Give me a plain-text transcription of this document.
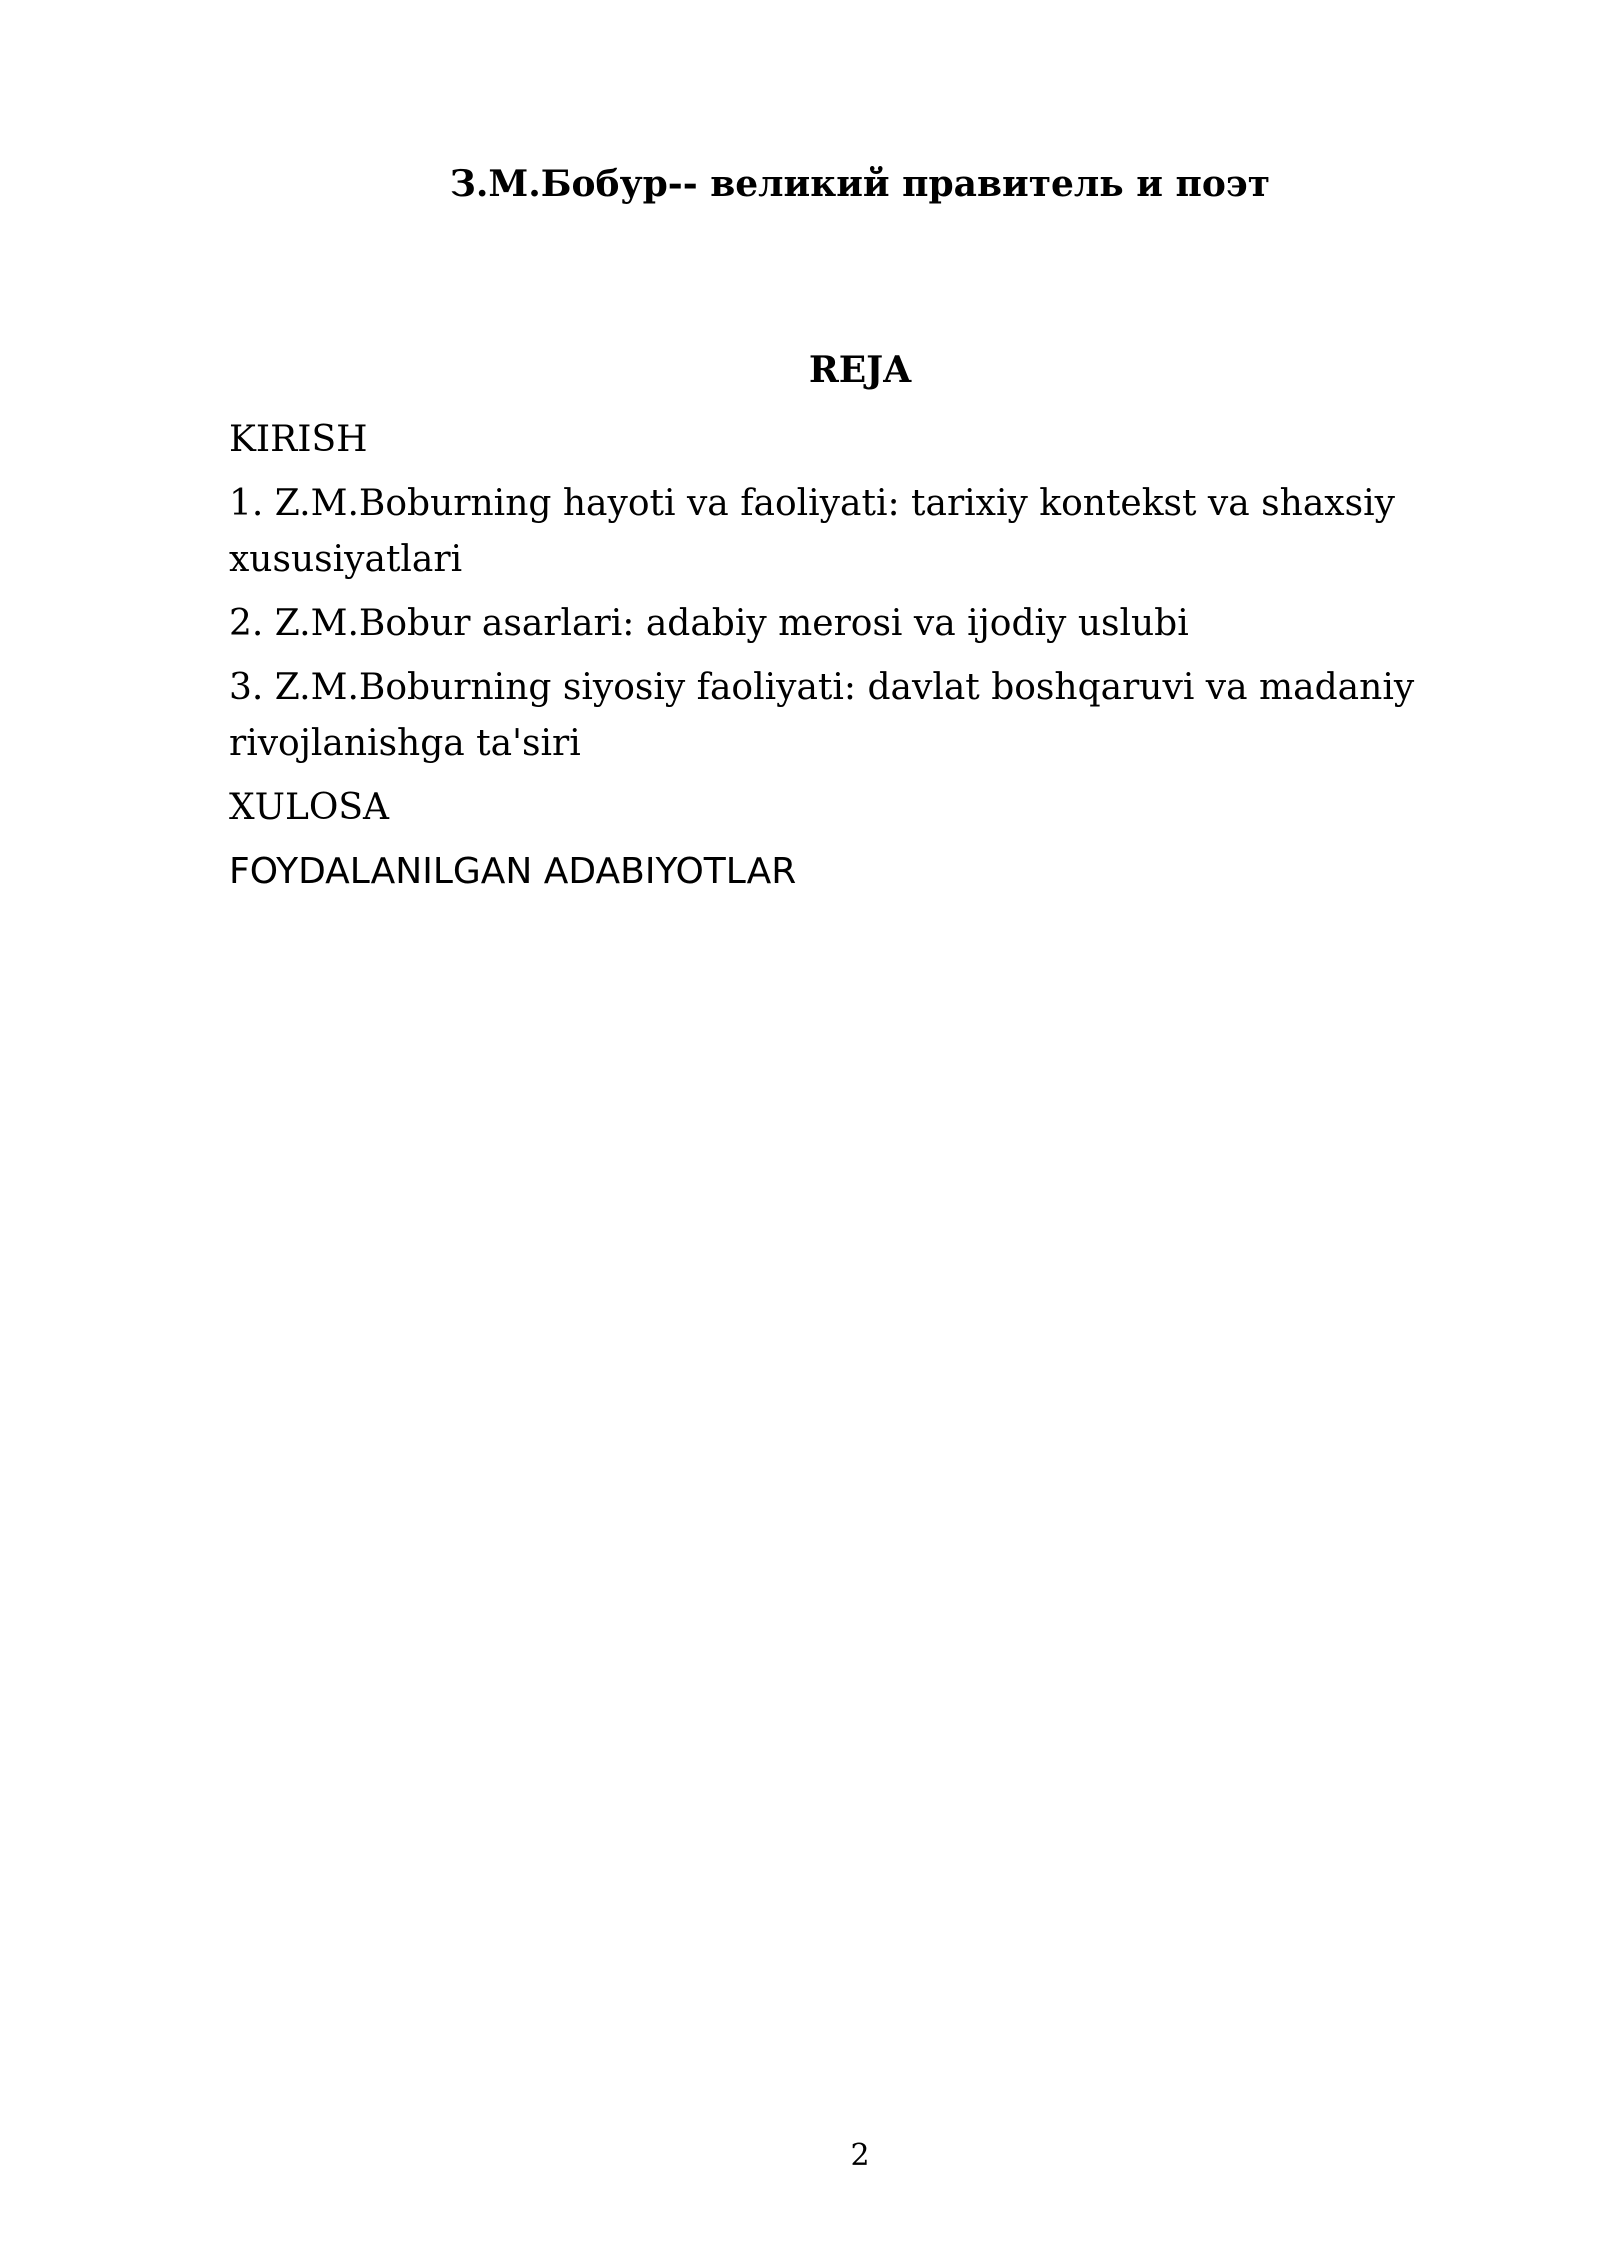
З.М.Бобур-- великий правитель и поэт
REJA
KIRISH
1. Z.M.Boburning hayoti va faoliyati: tarixiy kontekst va shaxsiy xususiyatlari
2. Z.M.Bobur asarlari: adabiy merosi va ijodiy uslubi
3. Z.M.Boburning siyosiy faoliyati: davlat boshqaruvi va madaniy rivojlanishga ta'siri
XULOSA
FOYDALANILGAN ADABIYOTLAR
2
